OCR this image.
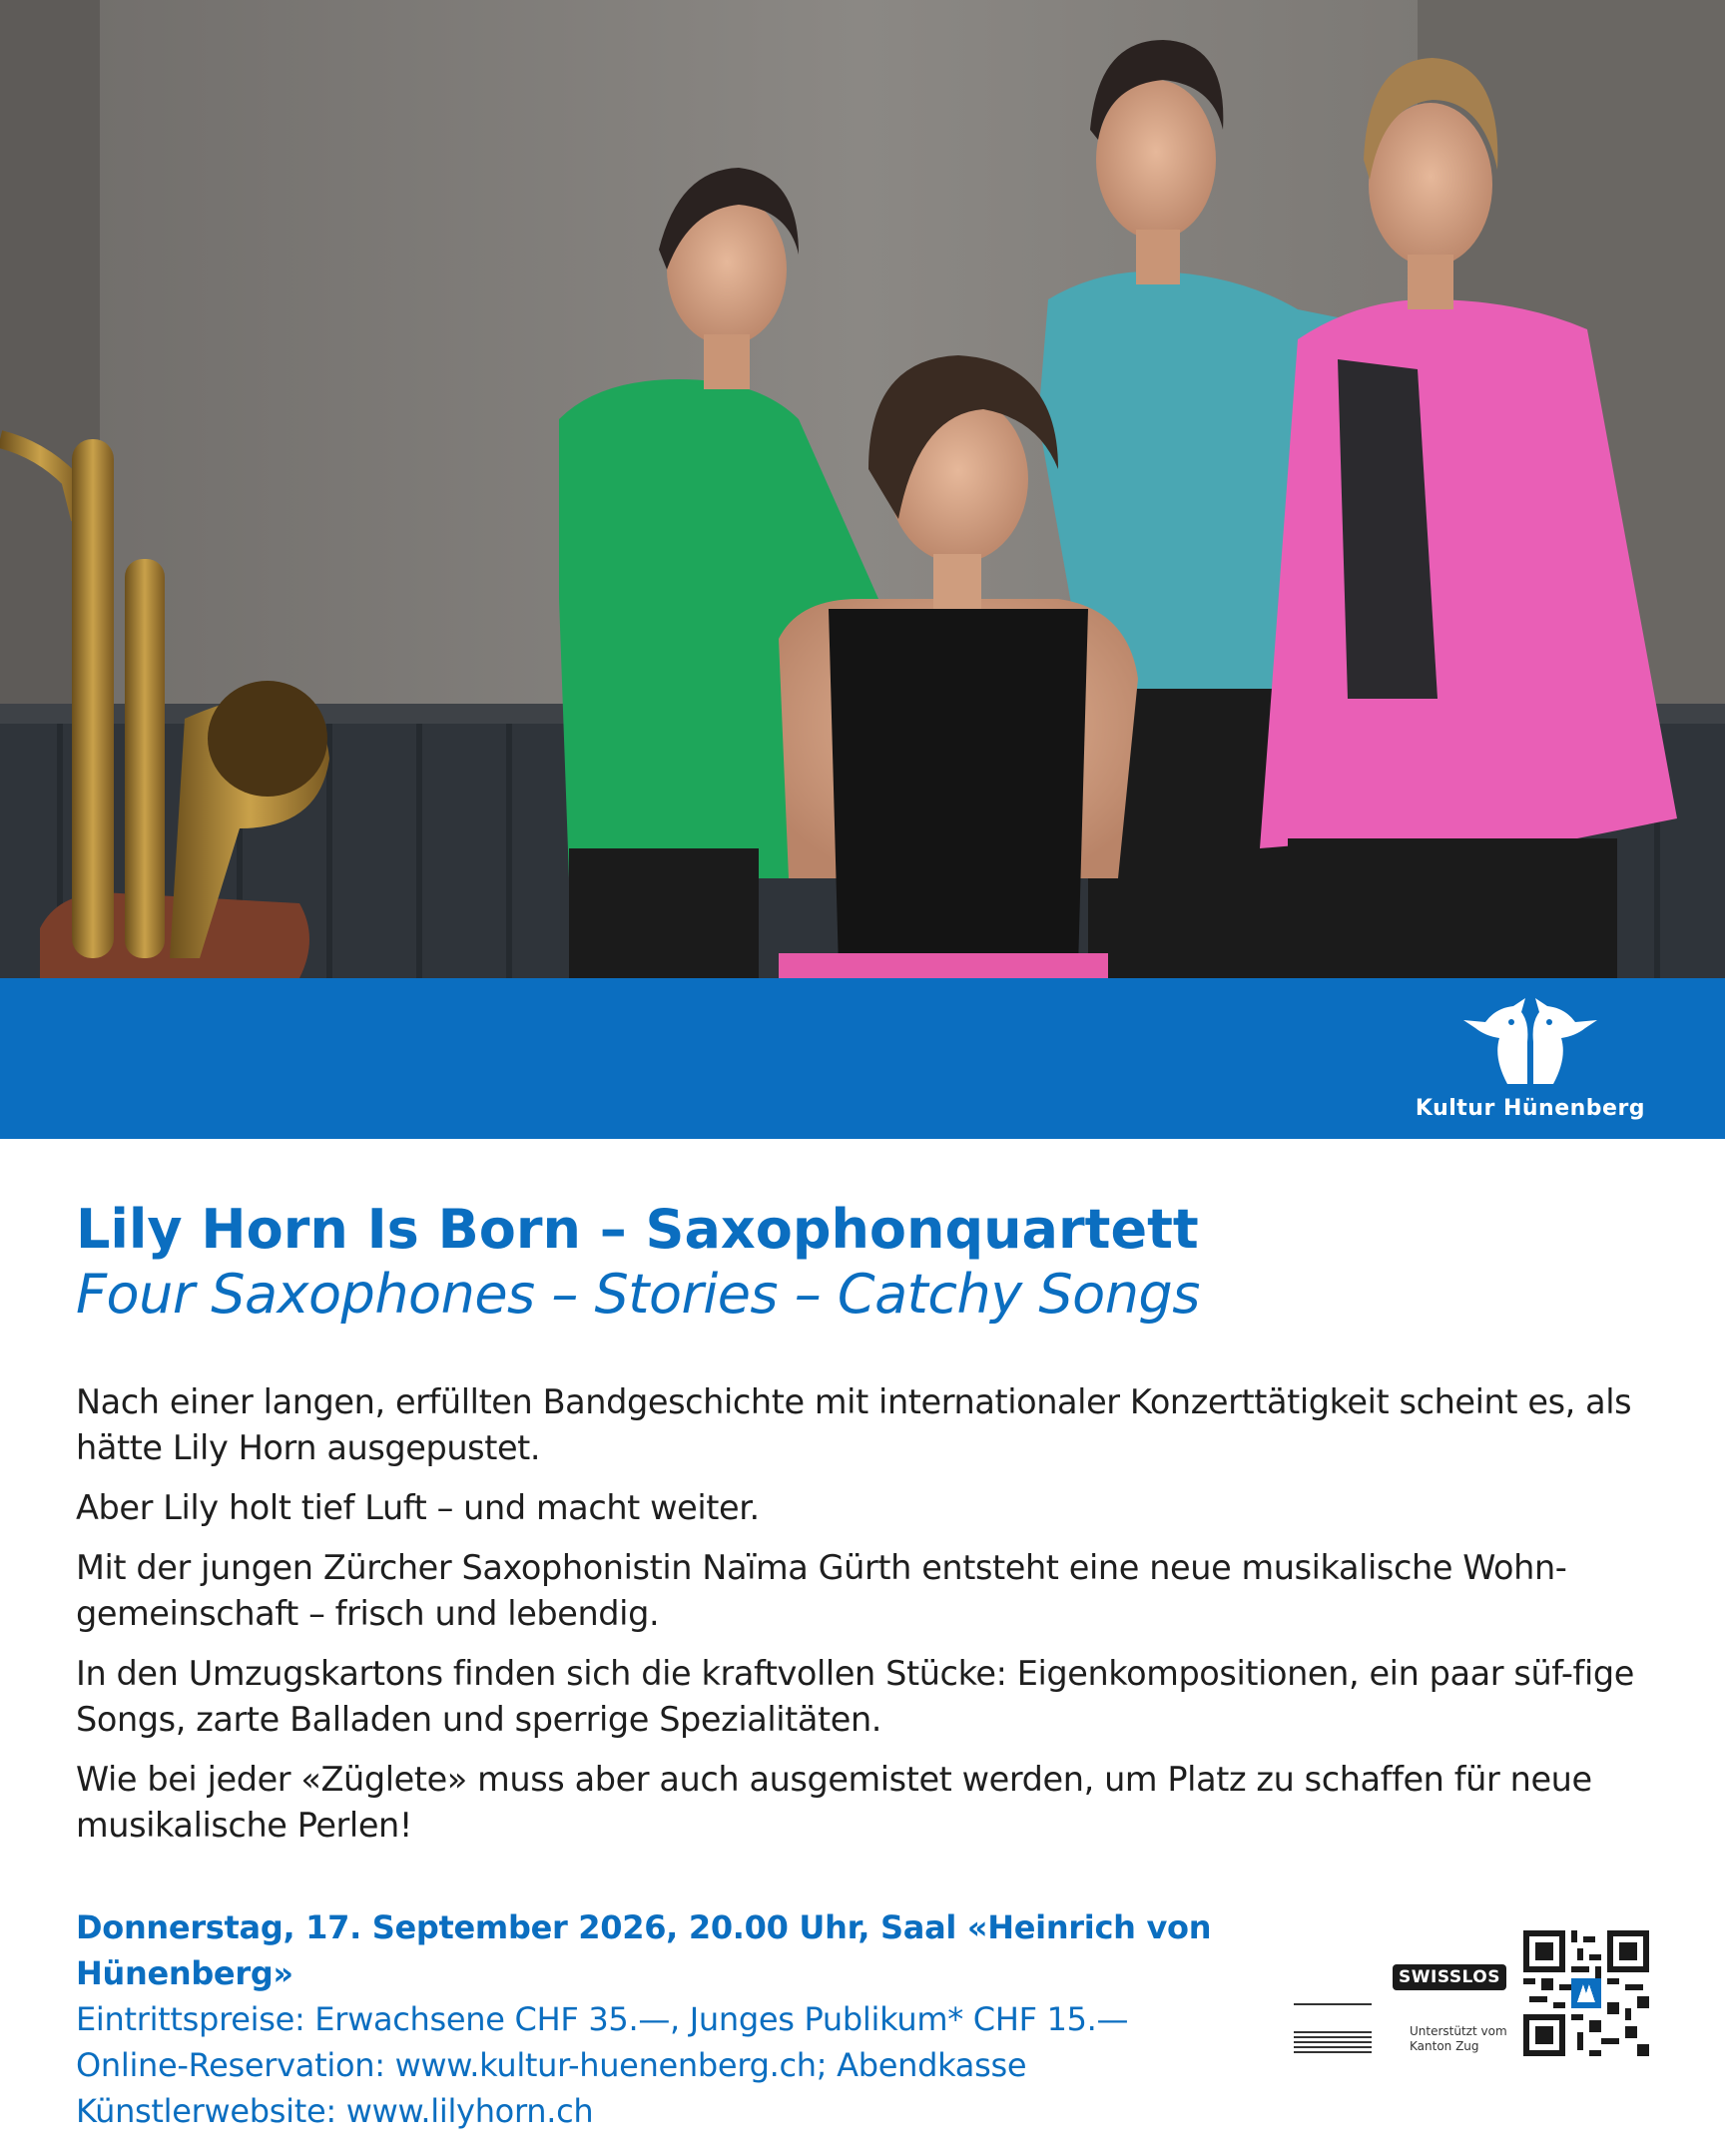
Kultur Hünenberg
Lily Horn Is Born – Saxophonquartett
Four Saxophones – Stories – Catchy Songs

Nach einer langen, erfüllten Bandgeschichte mit internationaler Konzerttätigkeit scheint es, als hätte Lily Horn ausgepustet.

Aber Lily holt tief Luft – und macht weiter.

Mit der jungen Zürcher Saxophonistin Naïma Gürth entsteht eine neue musikalische Wohn-gemeinschaft – frisch und lebendig.

In den Umzugskartons finden sich die kraftvollen Stücke: Eigenkompositionen, ein paar süf-fige Songs, zarte Balladen und sperrige Spezialitäten.

Wie bei jeder «Züglete» muss aber auch ausgemistet werden, um Platz zu schaffen für neue musikalische Perlen!

Donnerstag, 17. September 2026, 20.00 Uhr, Saal «Heinrich von Hünenberg»
Eintrittspreise: Erwachsene CHF 35.—, Junges Publikum* CHF 15.—
Online-Reservation: www.kultur-huenenberg.ch; Abendkasse
Künstlerwebsite: www.lilyhorn.ch
SWISSLOS
Unterstützt vom Kanton Zug
